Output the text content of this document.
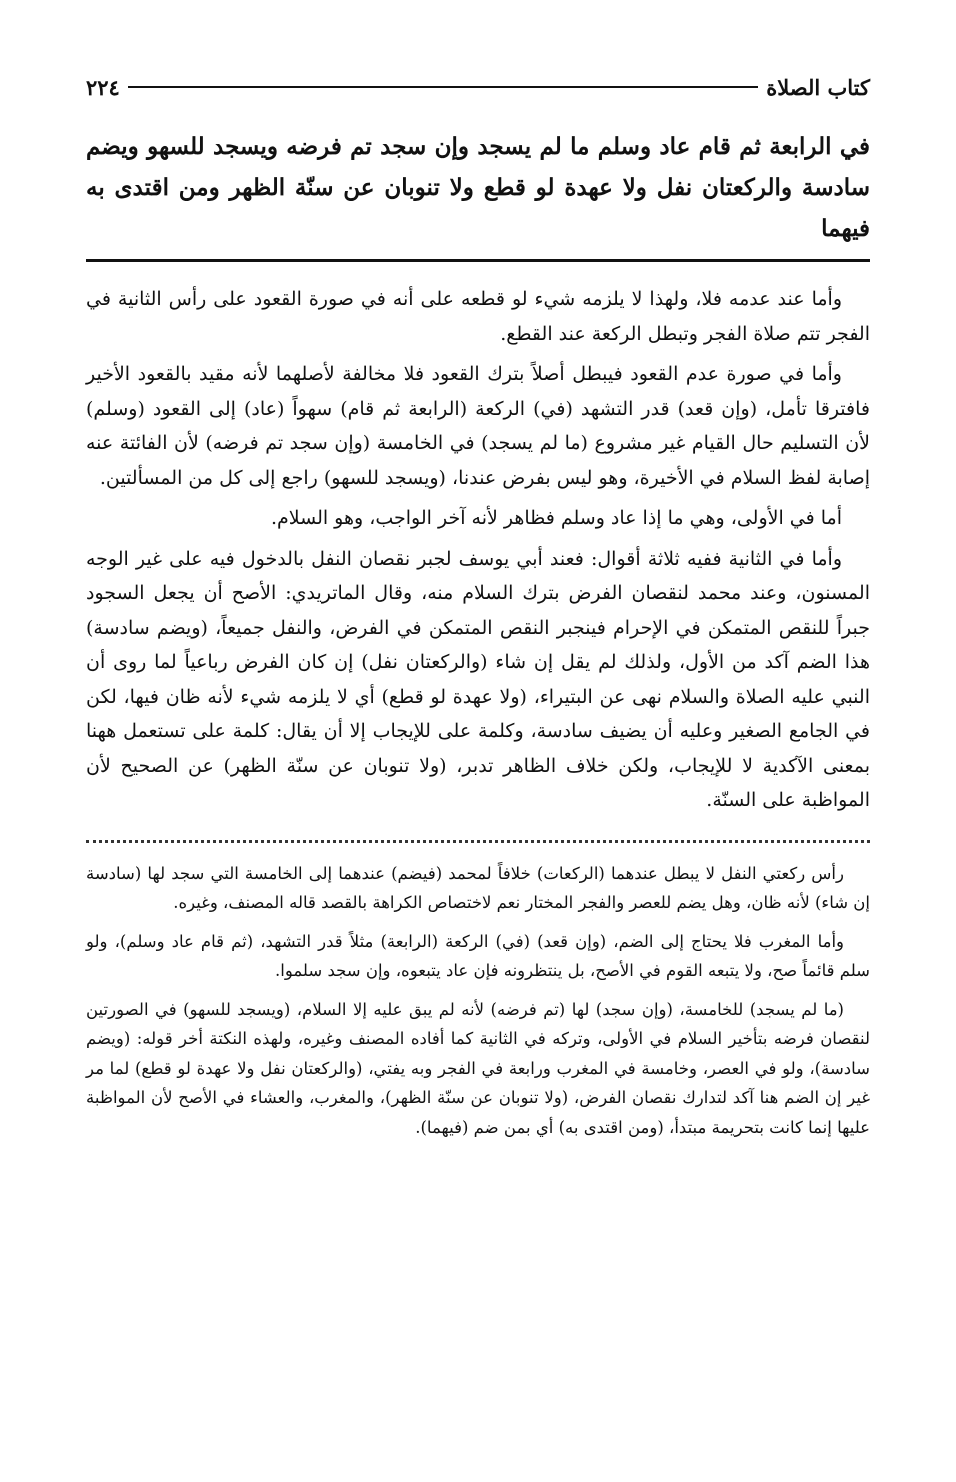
كتاب الصلاة
٢٢٤
في الرابعة ثم قام عاد وسلم ما لم يسجد وإن سجد تم فرضه ويسجد للسهو ويضم سادسة والركعتان نفل ولا عهدة لو قطع ولا تنوبان عن سنّة الظهر ومن اقتدى به فيهما

وأما عند عدمه فلا، ولهذا لا يلزمه شيء لو قطعه على أنه في صورة القعود على رأس الثانية في الفجر تتم صلاة الفجر وتبطل الركعة عند القطع.

وأما في صورة عدم القعود فيبطل أصلاً بترك القعود فلا مخالفة لأصلهما لأنه مقيد بالقعود الأخير فافترقا تأمل، (وإن قعد) قدر التشهد (في) الركعة (الرابعة ثم قام) سهواً (عاد) إلى القعود (وسلم) لأن التسليم حال القيام غير مشروع (ما لم يسجد) في الخامسة (وإن سجد تم فرضه) لأن الفائتة عنه إصابة لفظ السلام في الأخيرة، وهو ليس بفرض عندنا، (ويسجد للسهو) راجع إلى كل من المسألتين.

أما في الأولى، وهي ما إذا عاد وسلم فظاهر لأنه آخر الواجب، وهو السلام.

وأما في الثانية ففيه ثلاثة أقوال: فعند أبي يوسف لجبر نقصان النفل بالدخول فيه على غير الوجه المسنون، وعند محمد لنقصان الفرض بترك السلام منه، وقال الماتريدي: الأصح أن يجعل السجود جبراً للنقص المتمكن في الإحرام فينجبر النقص المتمكن في الفرض، والنفل جميعاً، (ويضم سادسة) هذا الضم آكد من الأول، ولذلك لم يقل إن شاء (والركعتان نفل) إن كان الفرض رباعياً لما روى أن النبي عليه الصلاة والسلام نهى عن البتيراء، (ولا عهدة لو قطع) أي لا يلزمه شيء لأنه ظان فيها، لكن في الجامع الصغير وعليه أن يضيف سادسة، وكلمة على للإيجاب إلا أن يقال: كلمة على تستعمل ههنا بمعنى الآكدية لا للإيجاب، ولكن خلاف الظاهر تدبر، (ولا تنوبان عن سنّة الظهر) عن الصحيح لأن المواظبة على السنّة.

رأس ركعتي النفل لا يبطل عندهما (الركعات) خلافاً لمحمد (فيضم) عندهما إلى الخامسة التي سجد لها (سادسة إن شاء) لأنه ظان، وهل يضم للعصر والفجر المختار نعم لاختصاص الكراهة بالقصد قاله المصنف، وغيره.

وأما المغرب فلا يحتاج إلى الضم، (وإن قعد) (في) الركعة (الرابعة) مثلاً قدر التشهد، (ثم قام عاد وسلم)، ولو سلم قائماً صح، ولا يتبعه القوم في الأصح، بل ينتظرونه فإن عاد يتبعوه، وإن سجد سلموا.

(ما لم يسجد) للخامسة، (وإن سجد) لها (تم فرضه) لأنه لم يبق عليه إلا السلام، (ويسجد للسهو) في الصورتين لنقصان فرضه بتأخير السلام في الأولى، وتركه في الثانية كما أفاده المصنف وغيره، ولهذه النكتة أخر قوله: (ويضم سادسة)، ولو في العصر، وخامسة في المغرب ورابعة في الفجر وبه يفتي، (والركعتان نفل ولا عهدة لو قطع) لما مر غير إن الضم هنا آكد لتدارك نقصان الفرض، (ولا تنوبان عن سنّة الظهر)، والمغرب، والعشاء في الأصح لأن المواظبة عليها إنما كانت بتحريمة مبتدأ، (ومن اقتدى به) أي بمن ضم (فيهما).
